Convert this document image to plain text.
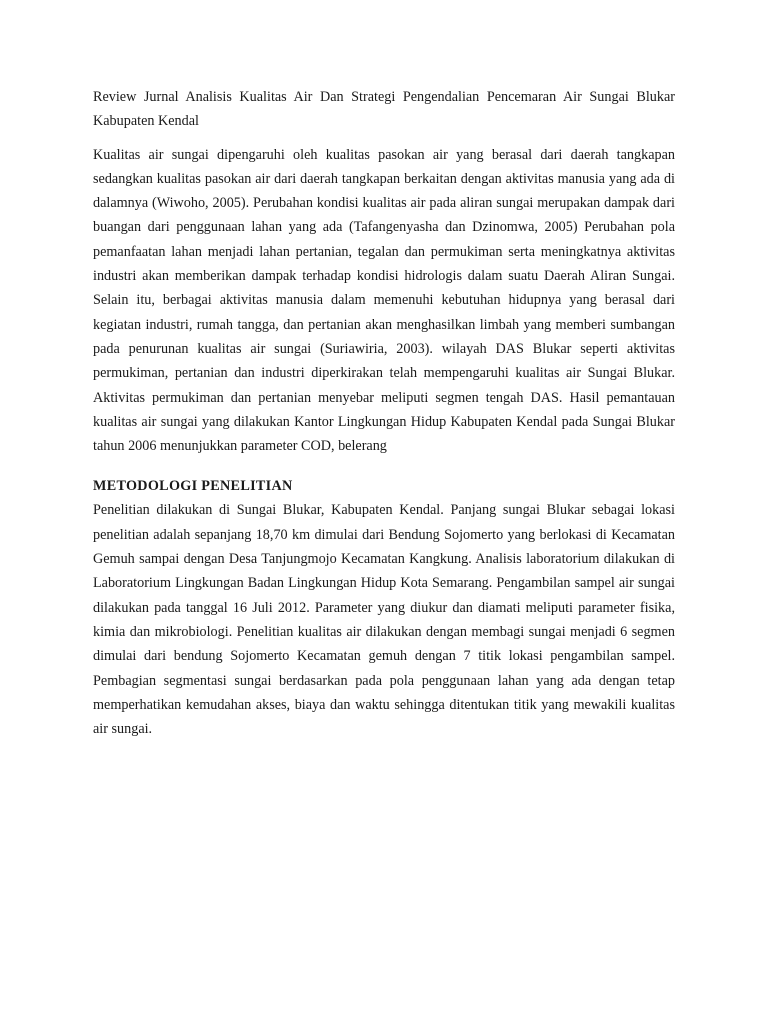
Review Jurnal Analisis Kualitas Air Dan Strategi Pengendalian Pencemaran Air Sungai Blukar Kabupaten Kendal

Kualitas air sungai dipengaruhi oleh kualitas pasokan air yang berasal dari daerah tangkapan sedangkan kualitas pasokan air dari daerah tangkapan berkaitan dengan aktivitas manusia yang ada di dalamnya (Wiwoho, 2005). Perubahan kondisi kualitas air pada aliran sungai merupakan dampak dari buangan dari penggunaan lahan yang ada (Tafangenyasha dan Dzinomwa, 2005) Perubahan pola pemanfaatan lahan menjadi lahan pertanian, tegalan dan permukiman serta meningkatnya aktivitas industri akan memberikan dampak terhadap kondisi hidrologis dalam suatu Daerah Aliran Sungai. Selain itu, berbagai aktivitas manusia dalam memenuhi kebutuhan hidupnya yang berasal dari kegiatan industri, rumah tangga, dan pertanian akan menghasilkan limbah yang memberi sumbangan pada penurunan kualitas air sungai (Suriawiria, 2003). wilayah DAS Blukar seperti aktivitas permukiman, pertanian dan industri diperkirakan telah mempengaruhi kualitas air Sungai Blukar. Aktivitas permukiman dan pertanian menyebar meliputi segmen tengah DAS. Hasil pemantauan kualitas air sungai yang dilakukan Kantor Lingkungan Hidup Kabupaten Kendal pada Sungai Blukar tahun 2006 menunjukkan parameter COD, belerang

METODOLOGI PENELITIAN

Penelitian dilakukan di Sungai Blukar, Kabupaten Kendal. Panjang sungai Blukar sebagai lokasi penelitian adalah sepanjang 18,70 km dimulai dari Bendung Sojomerto yang berlokasi di Kecamatan Gemuh sampai dengan Desa Tanjungmojo Kecamatan Kangkung. Analisis laboratorium dilakukan di Laboratorium Lingkungan Badan Lingkungan Hidup Kota Semarang. Pengambilan sampel air sungai dilakukan pada tanggal 16 Juli 2012. Parameter yang diukur dan diamati meliputi parameter fisika, kimia dan mikrobiologi. Penelitian kualitas air dilakukan dengan membagi sungai menjadi 6 segmen dimulai dari bendung Sojomerto Kecamatan gemuh dengan 7 titik lokasi pengambilan sampel. Pembagian segmentasi sungai berdasarkan pada pola penggunaan lahan yang ada dengan tetap memperhatikan kemudahan akses, biaya dan waktu sehingga ditentukan titik yang mewakili kualitas air sungai.
